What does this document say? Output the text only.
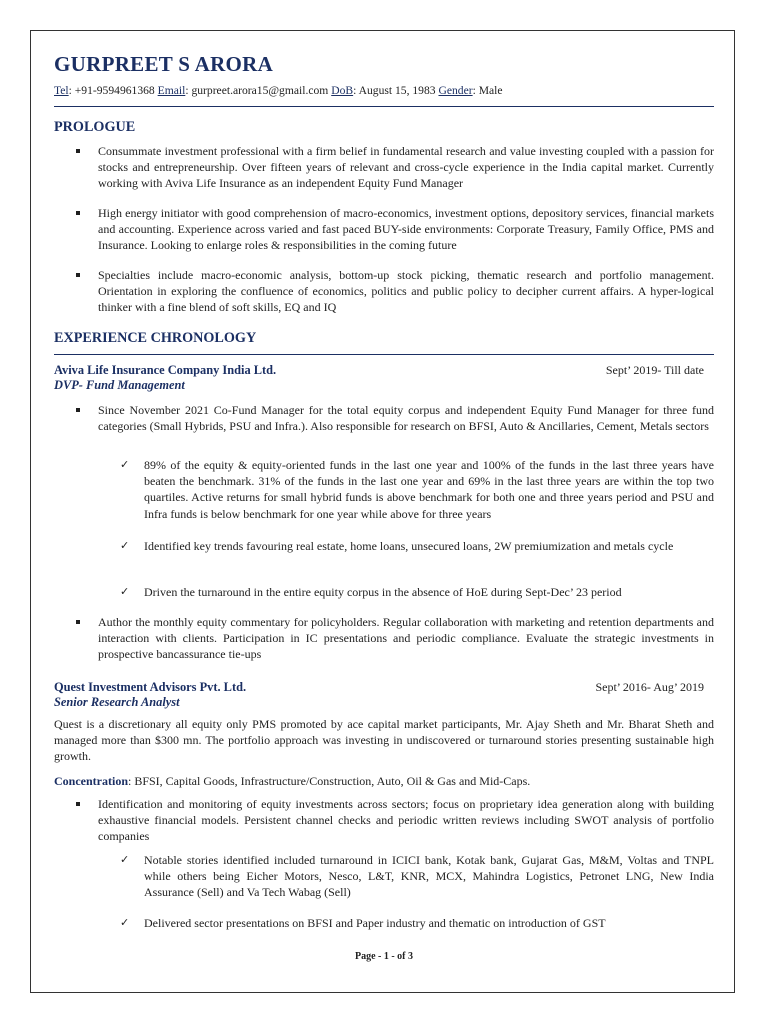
GURPREET S ARORA
Tel: +91-9594961368 Email: gurpreet.arora15@gmail.com DoB: August 15, 1983 Gender: Male
PROLOGUE
Consummate investment professional with a firm belief in fundamental research and value investing coupled with a passion for stocks and entrepreneurship. Over fifteen years of relevant and cross-cycle experience in the India capital market. Currently working with Aviva Life Insurance as an independent Equity Fund Manager
High energy initiator with good comprehension of macro-economics, investment options, depository services, financial markets and accounting. Experience across varied and fast paced BUY-side environments: Corporate Treasury, Family Office, PMS and Insurance. Looking to enlarge roles & responsibilities in the coming future
Specialties include macro-economic analysis, bottom-up stock picking, thematic research and portfolio management. Orientation in exploring the confluence of economics, politics and public policy to decipher current affairs. A hyper-logical thinker with a fine blend of soft skills, EQ and IQ
EXPERIENCE CHRONOLOGY
Aviva Life Insurance Company India Ltd.	Sept’ 2019- Till date
DVP- Fund Management
Since November 2021 Co-Fund Manager for the total equity corpus and independent Equity Fund Manager for three fund categories (Small Hybrids, PSU and Infra.). Also responsible for research on BFSI, Auto & Ancillaries, Cement, Metals sectors
✓ 89% of the equity & equity-oriented funds in the last one year and 100% of the funds in the last three years have beaten the benchmark. 31% of the funds in the last one year and 69% in the last three years are within the top two quartiles. Active returns for small hybrid funds is above benchmark for both one and three years period and PSU and Infra funds is below benchmark for one year while above for three years
✓ Identified key trends favouring real estate, home loans, unsecured loans, 2W premiumization and metals cycle
✓ Driven the turnaround in the entire equity corpus in the absence of HoE during Sept-Dec’ 23 period
Author the monthly equity commentary for policyholders. Regular collaboration with marketing and retention departments and interaction with clients. Participation in IC presentations and periodic compliance. Evaluate the strategic investments in prospective bancassurance tie-ups
Quest Investment Advisors Pvt. Ltd.	Sept’ 2016- Aug’ 2019
Senior Research Analyst

Quest is a discretionary all equity only PMS promoted by ace capital market participants, Mr. Ajay Sheth and Mr. Bharat Sheth and managed more than $300 mn. The portfolio approach was investing in undiscovered or turnaround stories presenting sustainable high growth.

Concentration: BFSI, Capital Goods, Infrastructure/Construction, Auto, Oil & Gas and Mid-Caps.

Identification and monitoring of equity investments across sectors; focus on proprietary idea generation along with building exhaustive financial models. Persistent channel checks and periodic written reviews including SWOT analysis of portfolio companies
✓ Notable stories identified included turnaround in ICICI bank, Kotak bank, Gujarat Gas, M&M, Voltas and TNPL while others being Eicher Motors, Nesco, L&T, KNR, MCX, Mahindra Logistics, Petronet LNG, New India Assurance (Sell) and Va Tech Wabag (Sell)
✓ Delivered sector presentations on BFSI and Paper industry and thematic on introduction of GST
Page - 1 - of 3
